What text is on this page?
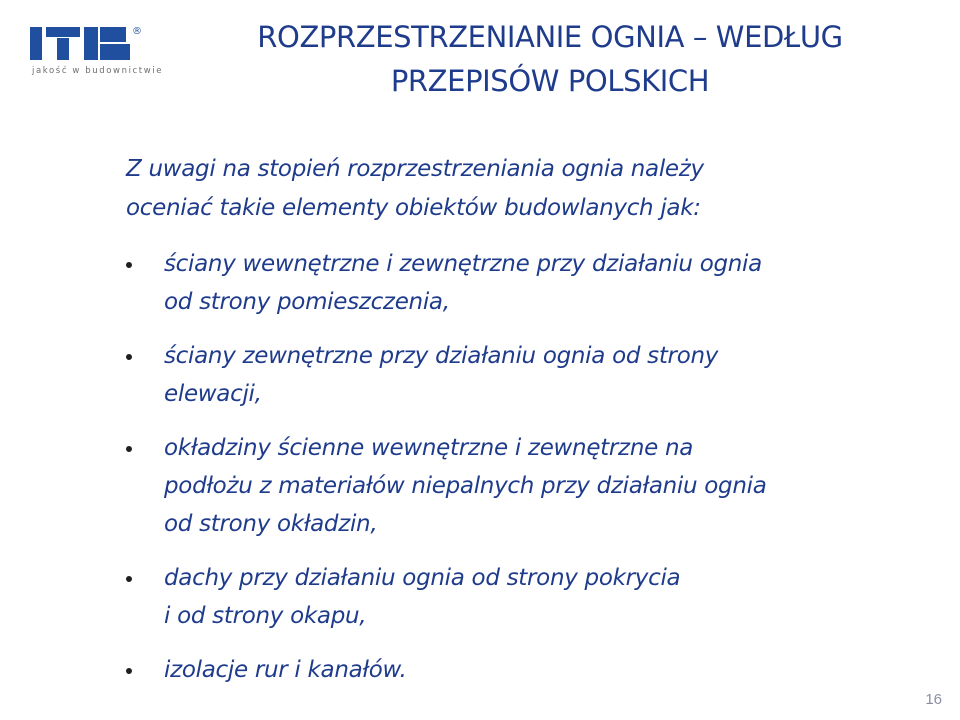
®
jakość w budownictwie
ROZPRZESTRZENIANIE OGNIA – WEDŁUG
PRZEPISÓW POLSKICH

Z uwagi na stopień rozprzestrzeniania ognia należy
oceniać takie elementy obiektów budowlanych jak:

ściany wewnętrzne i zewnętrzne przy działaniu ognia
od strony pomieszczenia,
ściany zewnętrzne przy działaniu ognia od strony
elewacji,
okładziny ścienne wewnętrzne i zewnętrzne na
podłożu z materiałów niepalnych przy działaniu ognia
od strony okładzin,
dachy przy działaniu ognia od strony pokrycia
i od strony okapu,
izolacje rur i kanałów.
16
